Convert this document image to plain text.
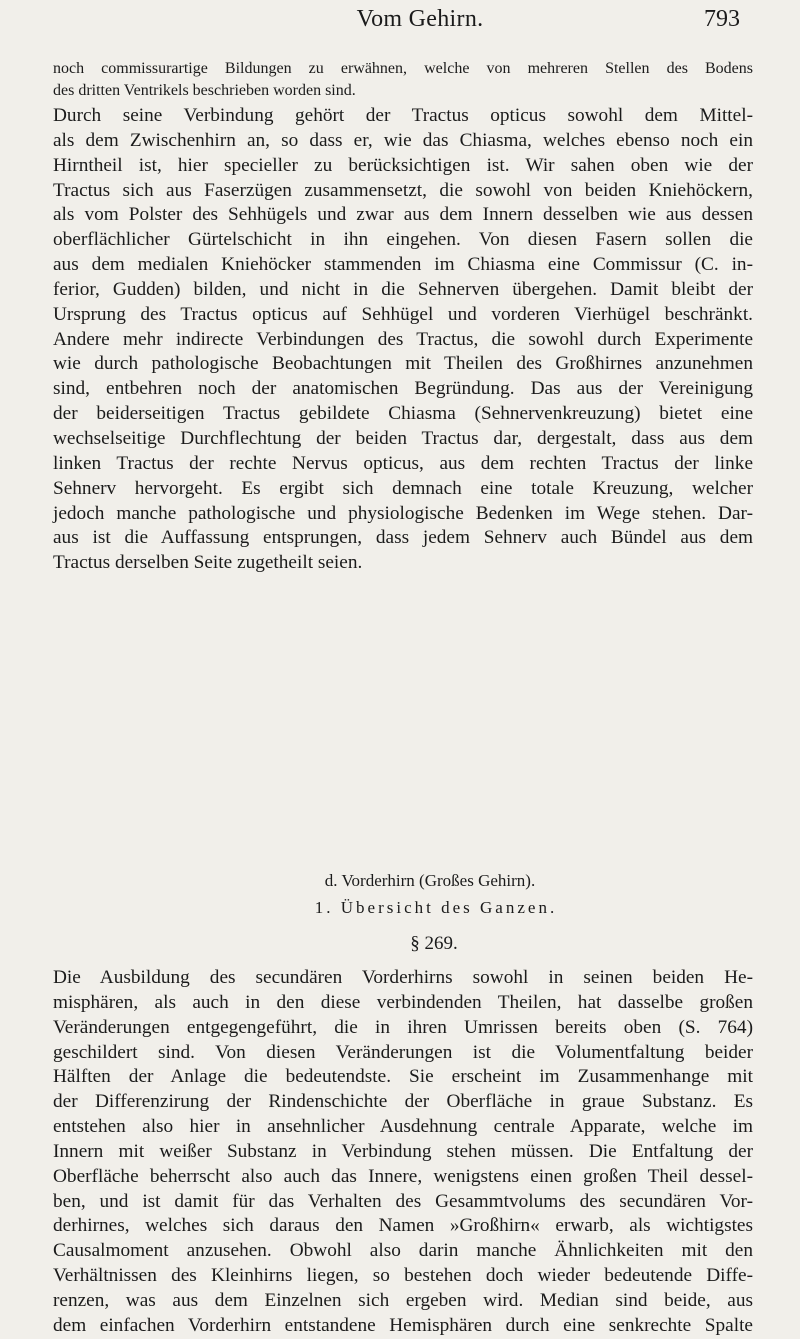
Vom Gehirn.	793
noch commissurartige Bildungen zu erwähnen, welche von mehreren Stellen des Bodens
des dritten Ventrikels beschrieben worden sind.
Durch seine Verbindung gehört der Tractus opticus sowohl dem Mittel-
als dem Zwischenhirn an, so dass er, wie das Chiasma, welches ebenso noch ein
Hirntheil ist, hier specieller zu berücksichtigen ist. Wir sahen oben wie der
Tractus sich aus Faserzügen zusammensetzt, die sowohl von beiden Kniehöckern,
als vom Polster des Sehhügels und zwar aus dem Innern desselben wie aus dessen
oberflächlicher Gürtelschicht in ihn eingehen. Von diesen Fasern sollen die
aus dem medialen Kniehöcker stammenden im Chiasma eine Commissur (C. in-
ferior, Gudden) bilden, und nicht in die Sehnerven übergehen. Damit bleibt der
Ursprung des Tractus opticus auf Sehhügel und vorderen Vierhügel beschränkt.
Andere mehr indirecte Verbindungen des Tractus, die sowohl durch Experimente
wie durch pathologische Beobachtungen mit Theilen des Großhirnes anzunehmen
sind, entbehren noch der anatomischen Begründung. Das aus der Vereinigung
der beiderseitigen Tractus gebildete Chiasma (Sehnervenkreuzung) bietet eine
wechselseitige Durchflechtung der beiden Tractus dar, dergestalt, dass aus dem
linken Tractus der rechte Nervus opticus, aus dem rechten Tractus der linke
Sehnerv hervorgeht. Es ergibt sich demnach eine totale Kreuzung, welcher
jedoch manche pathologische und physiologische Bedenken im Wege stehen. Dar-
aus ist die Auffassung entsprungen, dass jedem Sehnerv auch Bündel aus dem
Tractus derselben Seite zugetheilt seien.
d. Vorderhirn (Großes Gehirn).
1. Übersicht des Ganzen.
§ 269.
Die Ausbildung des secundären Vorderhirns sowohl in seinen beiden He-
misphären, als auch in den diese verbindenden Theilen, hat dasselbe großen
Veränderungen entgegengeführt, die in ihren Umrissen bereits oben (S. 764)
geschildert sind. Von diesen Veränderungen ist die Volumentfaltung beider
Hälften der Anlage die bedeutendste. Sie erscheint im Zusammenhange mit
der Differenzirung der Rindenschichte der Oberfläche in graue Substanz. Es
entstehen also hier in ansehnlicher Ausdehnung centrale Apparate, welche im
Innern mit weißer Substanz in Verbindung stehen müssen. Die Entfaltung der
Oberfläche beherrscht also auch das Innere, wenigstens einen großen Theil dessel-
ben, und ist damit für das Verhalten des Gesammtvolums des secundären Vor-
derhirnes, welches sich daraus den Namen »Großhirn« erwarb, als wichtigstes
Causalmoment anzusehen. Obwohl also darin manche Ähnlichkeiten mit den
Verhältnissen des Kleinhirns liegen, so bestehen doch wieder bedeutende Diffe-
renzen, was aus dem Einzelnen sich ergeben wird. Median sind beide, aus
dem einfachen Vorderhirn entstandene Hemisphären durch eine senkrechte Spalte
